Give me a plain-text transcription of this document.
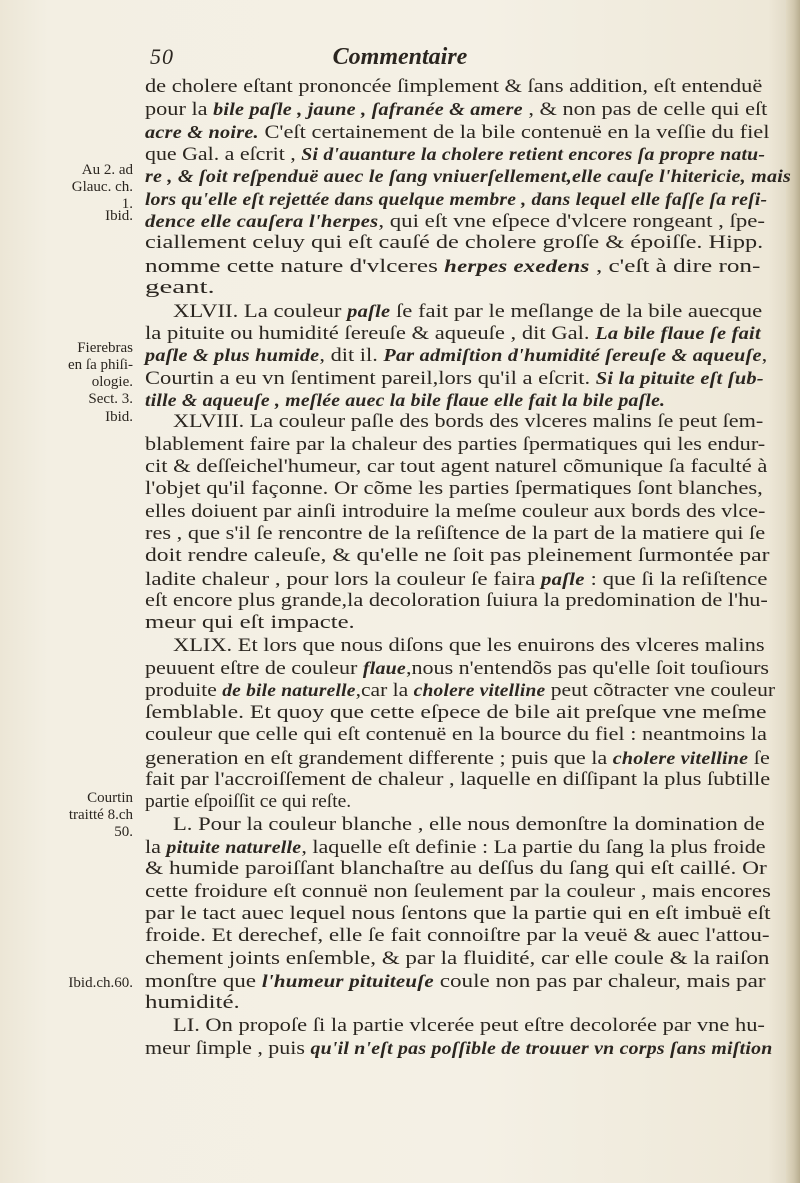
50	Commentaire
de cholere eſtant prononcée ſimplement & ſans addition, eſt entenduë
pour la bile paſle , jaune , ſafranée & amere , & non pas de celle qui eſt
acre & noire. C'eſt certainement de la bile contenuë en la veſſie du fiel
que Gal. a eſcrit , Si d'auanture la cholere retient encores ſa propre natu-
re , & ſoit reſpenduë auec le ſang vniuerſellement,elle cauſe l'hitericie, mais
lors qu'elle eſt rejettée dans quelque membre , dans lequel elle faſſe ſa reſi-
dence elle cauſera l'herpes, qui eſt vne eſpece d'vlcere rongeant , ſpe-
ciallement celuy qui eſt cauſé de cholere groſſe & époiſſe. Hipp.
nomme cette nature d'vlceres herpes exedens , c'eſt à dire ron-
geant.
XLVII. La couleur paſle ſe fait par le meſlange de la bile auecque
la pituite ou humidité ſereuſe & aqueuſe , dit Gal. La bile flaue ſe fait
paſle & plus humide, dit il. Par admiſtion d'humidité ſereuſe & aqueuſe,
Courtin a eu vn ſentiment pareil,lors qu'il a eſcrit. Si la pituite eſt ſub-
tille & aqueuſe , meſlée auec la bile flaue elle fait la bile paſle.
XLVIII. La couleur paſle des bords des vlceres malins ſe peut ſem-
blablement faire par la chaleur des parties ſpermatiques qui les endur-
cit & deſſeichel'humeur, car tout agent naturel cõmunique ſa faculté à
l'objet qu'il façonne. Or cõme les parties ſpermatiques ſont blanches,
elles doiuent par ainſi introduire la meſme couleur aux bords des vlce-
res , que s'il ſe rencontre de la reſiſtence de la part de la matiere qui ſe
doit rendre caleuſe, & qu'elle ne ſoit pas pleinement ſurmontée par
ladite chaleur , pour lors la couleur ſe faira paſle : que ſi la reſiſtence
eſt encore plus grande,la decoloration ſuiura la predomination de l'hu-
meur qui eſt impacte.
XLIX. Et lors que nous diſons que les enuirons des vlceres malins
peuuent eſtre de couleur flaue,nous n'entendõs pas qu'elle ſoit touſiours
produite de bile naturelle,car la cholere vitelline peut cõtracter vne couleur
ſemblable. Et quoy que cette eſpece de bile ait preſque vne meſme
couleur que celle qui eſt contenuë en la bource du fiel : neantmoins la
generation en eſt grandement differente ; puis que la cholere vitelline ſe
fait par l'accroiſſement de chaleur , laquelle en diſſipant la plus ſubtille
partie eſpoiſſit ce qui reſte.
L. Pour la couleur blanche , elle nous demonſtre la domination de
la pituite naturelle, laquelle eſt definie : La partie du ſang la plus froide
& humide paroiſſant blanchaſtre au deſſus du ſang qui eſt caillé. Or
cette froidure eſt connuë non ſeulement par la couleur , mais encores
par le tact auec lequel nous ſentons que la partie qui en eſt imbuë eſt
froide. Et derechef, elle ſe fait connoiſtre par la veuë & auec l'attou-
chement joints enſemble, & par la fluidité, car elle coule & la raiſon
monſtre que l'humeur pituiteuſe coule non pas par chaleur, mais par
humidité.
LI. On propoſe ſi la partie vlcerée peut eſtre decolorée par vne hu-
meur ſimple , puis qu'il n'eſt pas poſſible de trouuer vn corps ſans miſtion
Au 2. ad
Glauc. ch.
1.
Ibid.
Fierebras
en ſa phiſi-
ologie.
Sect. 3.
Ibid.
Courtin
traitté 8.ch
50.
Ibid.ch.60.
